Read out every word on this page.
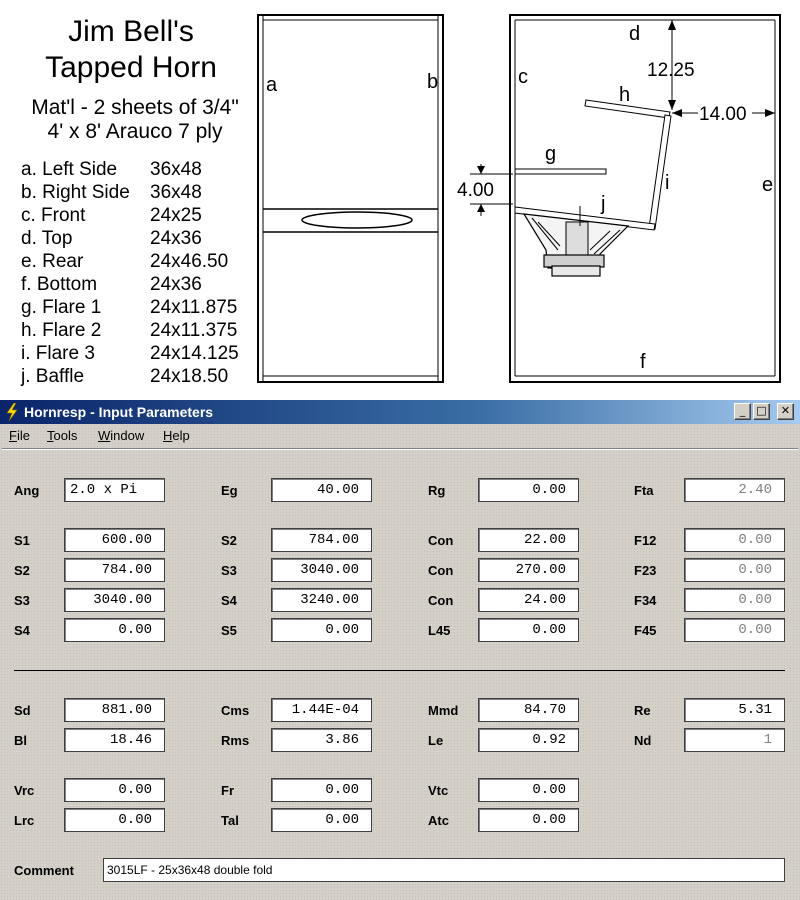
Jim Bell's
Tapped Horn
Mat'l - 2 sheets of 3/4"
4' x 8' Arauco 7 ply
a. Left Side	36x48
b. Right Side	36x48
c. Front	24x25
d. Top	24x36
e. Rear	24x46.50
f. Bottom	24x36
g. Flare 1	24x11.875
h. Flare 2	24x11.375
i. Flare 3	24x14.125
j. Baffle	24x18.50
a	b
12.25
14.00
4.00
c
d
e
f
g
h
i
j
Hornresp - Input Parameters	_	□	✕
File Tools Window Help
Ang	2.0 x Pi	Eg	40.00	Rg	0.00	Fta	2.40
S1	600.00	S2	784.00	Con	22.00	F12	0.00
S2	784.00	S3	3040.00	Con	270.00	F23	0.00
S3	3040.00	S4	3240.00	Con	24.00	F34	0.00
S4	0.00	S5	0.00	L45	0.00	F45	0.00
Sd	881.00	Cms	1.44E-04	Mmd	84.70	Re	5.31
Bl	18.46	Rms	3.86	Le	0.92	Nd	1
Vrc	0.00	Fr	0.00	Vtc	0.00
Lrc	0.00	Tal	0.00	Atc	0.00
Comment	3015LF - 25x36x48 double fold
